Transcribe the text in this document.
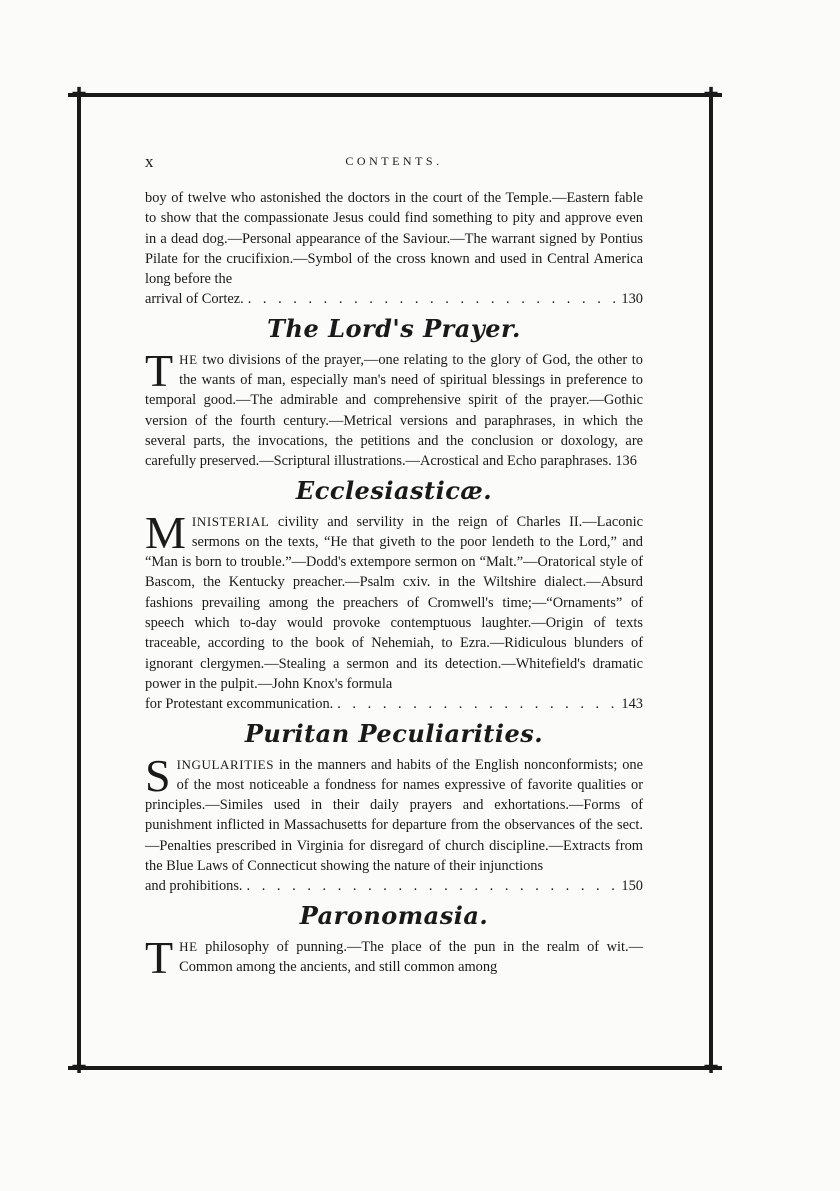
✚	✚
✚	✚
x	CONTENTS.

boy of twelve who astonished the doctors in the court of the Temple.—Eastern fable to show that the compassionate Jesus could find something to pity and approve even in a dead dog.—Personal appearance of the Saviour.—The warrant signed by Pontius Pilate for the crucifixion.—Symbol of the cross known and used in Central America long before the

arrival of Cortez. . . .	130
The Lord's Prayer.

THE two divisions of the prayer,—one relating to the glory of God, the other to the wants of man, especially man's need of spiritual blessings in preference to temporal good.—The admirable and comprehensive spirit of the prayer.—Gothic version of the fourth century.—Metrical versions and paraphrases, in which the several parts, the invocations, the petitions and the conclusion or doxology, are carefully preserved.—Scriptural illustrations.—Acrostical and Echo paraphrases. 136

Ecclesiasticæ.

MINISTERIAL civility and servility in the reign of Charles II.—Laconic sermons on the texts, “He that giveth to the poor lendeth to the Lord,” and “Man is born to trouble.”—Dodd's extempore sermon on “Malt.”—Oratorical style of Bascom, the Kentucky preacher.—Psalm cxiv. in the Wiltshire dialect.—Absurd fashions prevailing among the preachers of Cromwell's time;—“Ornaments” of speech which to-day would provoke contemptuous laughter.—Origin of texts traceable, according to the book of Nehemiah, to Ezra.—Ridiculous blunders of ignorant clergymen.—Stealing a sermon and its detection.—Whitefield's dramatic power in the pulpit.—John Knox's formula

for Protestant excommunication. . . .	143
Puritan Peculiarities.

SINGULARITIES in the manners and habits of the English nonconformists; one of the most noticeable a fondness for names expressive of favorite qualities or principles.—Similes used in their daily prayers and exhortations.—Forms of punishment inflicted in Massachusetts for departure from the observances of the sect.—Penalties prescribed in Virginia for disregard of church discipline.—Extracts from the Blue Laws of Connecticut showing the nature of their injunctions

and prohibitions. . . .	150
Paronomasia.

THE philosophy of punning.—The place of the pun in the realm of wit.—Common among the ancients, and still common among
